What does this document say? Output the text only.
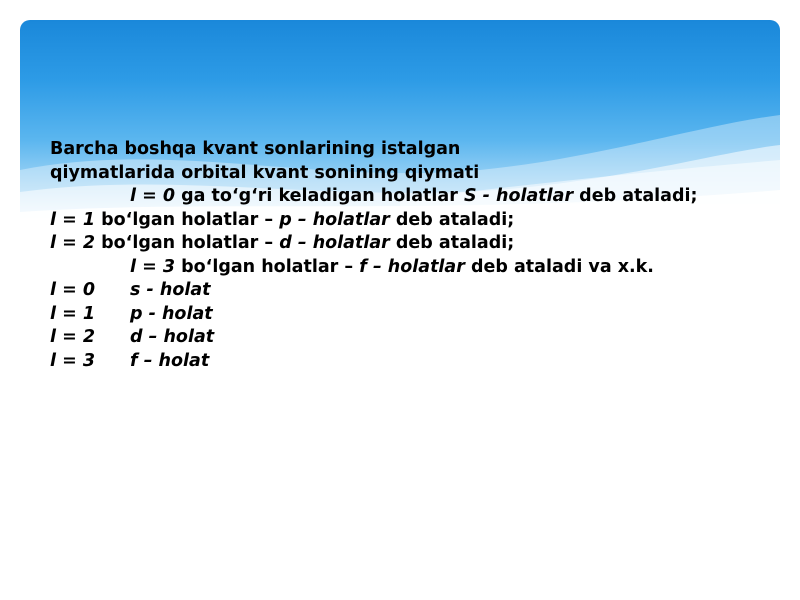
Barcha boshqa kvant sonlarining istalgan
qiymatlarida orbital kvant sonining qiymati
l = 0 ga to‘g‘ri keladigan holatlar S - holatlar deb ataladi;
l = 1 bo‘lgan holatlar – p – holatlar deb ataladi;
l = 2 bo‘lgan holatlar – d – holatlar deb ataladi;
l = 3 bo‘lgan holatlar – f – holatlar deb ataladi va x.k.
l = 0	s - holat
l = 1	p - holat
l = 2	d – holat
l = 3	f – holat
